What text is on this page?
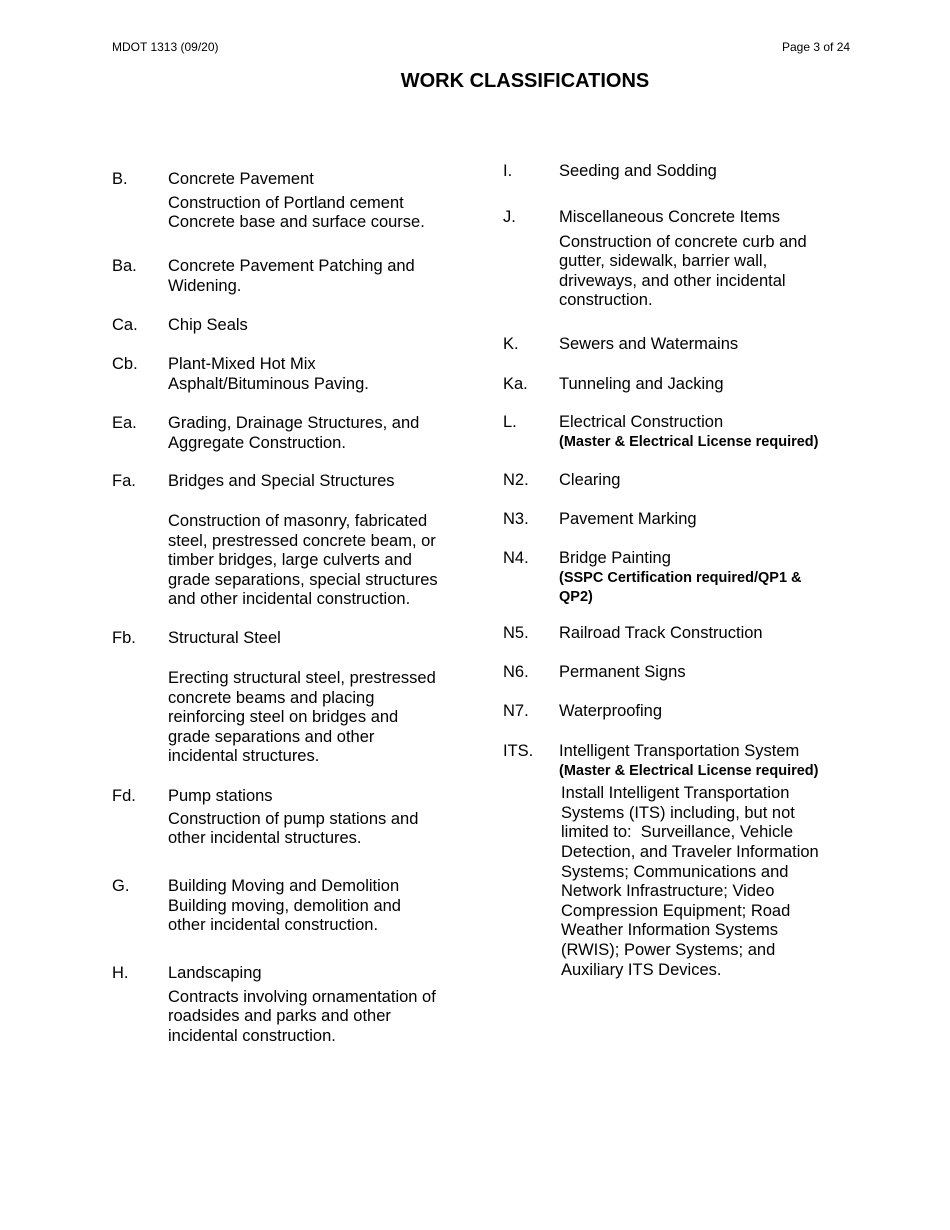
MDOT 1313 (09/20)	Page 3 of 24
WORK CLASSIFICATIONS
B. Concrete Pavement
Construction of Portland cement
Concrete base and surface course.
Ba. Concrete Pavement Patching and
Widening.
Ca. Chip Seals
Cb. Plant-Mixed Hot Mix
Asphalt/Bituminous Paving.
Ea. Grading, Drainage Structures, and
Aggregate Construction.
Fa. Bridges and Special Structures
Construction of masonry, fabricated
steel, prestressed concrete beam, or
timber bridges, large culverts and
grade separations, special structures
and other incidental construction.
Fb. Structural Steel
Erecting structural steel, prestressed
concrete beams and placing
reinforcing steel on bridges and
grade separations and other
incidental structures.
Fd. Pump stations
Construction of pump stations and
other incidental structures.
G. Building Moving and Demolition
Building moving, demolition and
other incidental construction.
H. Landscaping
Contracts involving ornamentation of
roadsides and parks and other
incidental construction.
I.	Seeding and Sodding
J.	Miscellaneous Concrete Items
Construction of concrete curb and
gutter, sidewalk, barrier wall,
driveways, and other incidental
construction.
K. Sewers and Watermains
Ka. Tunneling and Jacking
L.	Electrical Construction
(Master & Electrical License required)
N2. Clearing
N3. Pavement Marking
N4. Bridge Painting
(SSPC Certification required/QP1 & QP2)
N5. Railroad Track Construction
N6. Permanent Signs
N7. Waterproofing
ITS. Intelligent Transportation System
(Master & Electrical License required)
Install Intelligent Transportation
Systems (ITS) including, but not
limited to:  Surveillance, Vehicle
Detection, and Traveler Information
Systems; Communications and
Network Infrastructure; Video
Compression Equipment; Road
Weather Information Systems
(RWIS); Power Systems; and
Auxiliary ITS Devices.
